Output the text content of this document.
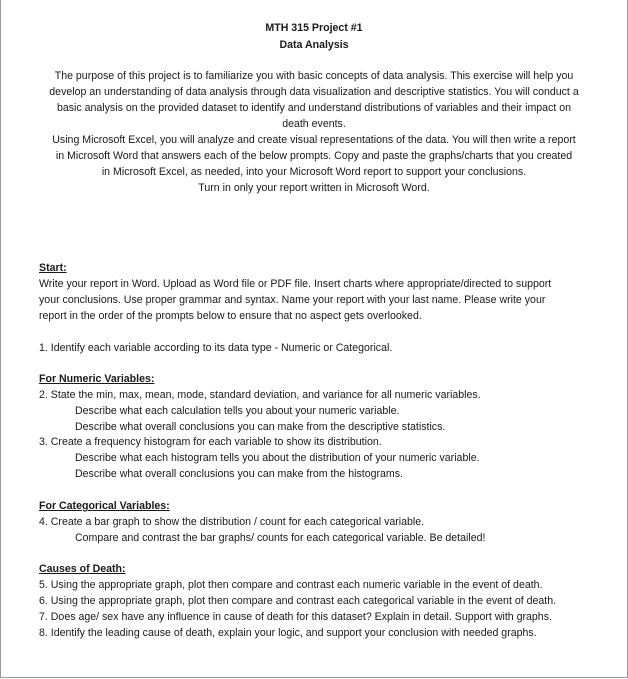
MTH 315 Project #1
Data Analysis
The purpose of this project is to familiarize you with basic concepts of data analysis. This exercise will help you
develop an understanding of data analysis through data visualization and descriptive statistics. You will conduct a
basic analysis on the provided dataset to identify and understand distributions of variables and their impact on
death events.
Using Microsoft Excel, you will analyze and create visual representations of the data. You will then write a report
in Microsoft Word that answers each of the below prompts. Copy and paste the graphs/charts that you created
in Microsoft Excel, as needed, into your Microsoft Word report to support your conclusions.
Turn in only your report written in Microsoft Word.
Start:
Write your report in Word. Upload as Word file or PDF file. Insert charts where appropriate/directed to support
your conclusions. Use proper grammar and syntax. Name your report with your last name. Please write your
report in the order of the prompts below to ensure that no aspect gets overlooked.
1. Identify each variable according to its data type - Numeric or Categorical.
For Numeric Variables:
2. State the min, max, mean, mode, standard deviation, and variance for all numeric variables.
Describe what each calculation tells you about your numeric variable.
Describe what overall conclusions you can make from the descriptive statistics.
3. Create a frequency histogram for each variable to show its distribution.
Describe what each histogram tells you about the distribution of your numeric variable.
Describe what overall conclusions you can make from the histograms.
For Categorical Variables:
4. Create a bar graph to show the distribution / count for each categorical variable.
Compare and contrast the bar graphs/ counts for each categorical variable. Be detailed!
Causes of Death:
5. Using the appropriate graph, plot then compare and contrast each numeric variable in the event of death.
6. Using the appropriate graph, plot then compare and contrast each categorical variable in the event of death.
7. Does age/ sex have any influence in cause of death for this dataset? Explain in detail. Support with graphs.
8. Identify the leading cause of death, explain your logic, and support your conclusion with needed graphs.
